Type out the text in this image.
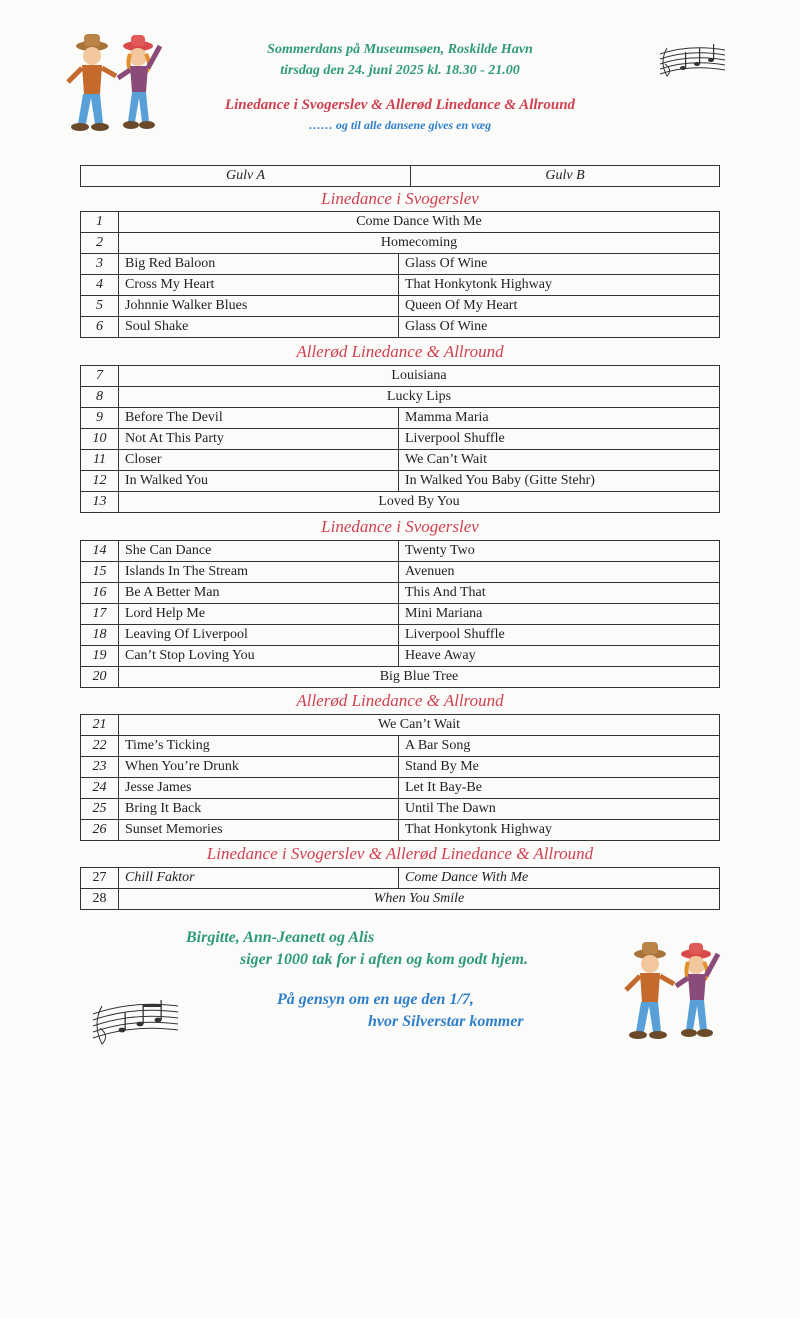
Sommerdans på Museumsøen, Roskilde Havn
tirsdag den 24. juni 2025 kl. 18.30 - 21.00
Linedance i Svogerslev & Allerød Linedance & Allround
…… og til alle dansene gives en væg
Gulv A	Gulv B
Linedance i Svogerslev
1	Come Dance With Me	
2	Homecoming	
3	Big Red Baloon	Glass Of Wine
4	Cross My Heart	That Honkytonk Highway
5	Johnnie Walker Blues	Queen Of My Heart
6	Soul Shake	Glass Of Wine
Allerød Linedance & Allround
7	Louisiana	
8	Lucky Lips	
9	Before The Devil	Mamma Maria
10	Not At This Party	Liverpool Shuffle
11	Closer	We Can’t Wait
12	In Walked You	In Walked You Baby (Gitte Stehr)
13	Loved By You	
Linedance i Svogerslev
14	She Can Dance	Twenty Two
15	Islands In The Stream	Avenuen
16	Be A Better Man	This And That
17	Lord Help Me	Mini Mariana
18	Leaving Of Liverpool	Liverpool Shuffle
19	Can’t Stop Loving You	Heave Away
20	Big Blue Tree	
Allerød Linedance & Allround
21	We Can’t Wait	
22	Time’s Ticking	A Bar Song
23	When You’re Drunk	Stand By Me
24	Jesse James	Let It Bay-Be
25	Bring It Back	Until The Dawn
26	Sunset Memories	That Honkytonk Highway
Linedance i Svogerslev & Allerød Linedance & Allround
27	Chill Faktor	Come Dance With Me
28	When You Smile	
Birgitte, Ann-Jeanett og Alis
siger 1000 tak for i aften og kom godt hjem.
På gensyn om en uge den 1/7,
hvor Silverstar kommer
